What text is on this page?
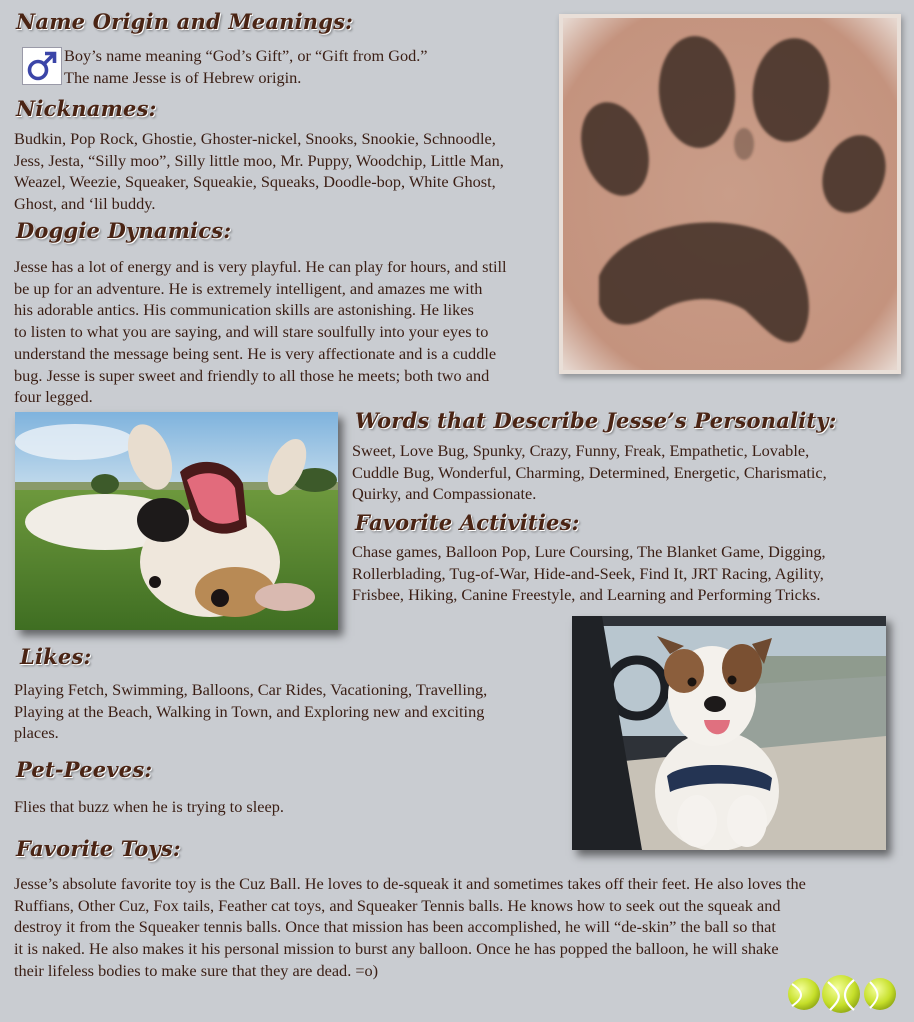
Name Origin and Meanings:
Boy’s name meaning “God’s Gift”, or “Gift from God.”
The name Jesse is of Hebrew origin.
Nicknames:
Budkin, Pop Rock, Ghostie, Ghoster-nickel, Snooks, Snookie, Schnoodle,
Jess, Jesta, “Silly moo”, Silly little moo, Mr. Puppy, Woodchip, Little Man,
Weazel, Weezie, Squeaker, Squeakie, Squeaks, Doodle-bop, White Ghost,
Ghost, and ‘lil buddy.
Doggie Dynamics:
Jesse has a lot of energy and is very playful. He can play for hours, and still
be up for an adventure. He is extremely intelligent, and amazes me with
his adorable antics. His communication skills are astonishing. He likes
to listen to what you are saying, and will stare soulfully into your eyes to
understand the message being sent. He is very affectionate and is a cuddle
bug. Jesse is super sweet and friendly to all those he meets; both two and
four legged.
Words that Describe Jesse’s Personality:
Sweet, Love Bug, Spunky, Crazy, Funny, Freak, Empathetic, Lovable,
Cuddle Bug, Wonderful, Charming, Determined, Energetic, Charismatic,
Quirky, and Compassionate.
Favorite Activities:
Chase games, Balloon Pop, Lure Coursing, The Blanket Game, Digging,
Rollerblading, Tug-of-War, Hide-and-Seek, Find It, JRT Racing, Agility,
Frisbee, Hiking, Canine Freestyle, and Learning and Performing Tricks.
Likes:
Playing Fetch, Swimming, Balloons, Car Rides, Vacationing, Travelling,
Playing at the Beach, Walking in Town, and Exploring new and exciting
places.
Pet-Peeves:
Flies that buzz when he is trying to sleep.
Favorite Toys:
Jesse’s absolute favorite toy is the Cuz Ball. He loves to de-squeak it and sometimes takes off their feet. He also loves the
Ruffians, Other Cuz, Fox tails, Feather cat toys, and Squeaker Tennis balls. He knows how to seek out the squeak and
destroy it from the Squeaker tennis balls. Once that mission has been accomplished, he will “de-skin” the ball so that
it is naked. He also makes it his personal mission to burst any balloon. Once he has popped the balloon, he will shake
their lifeless bodies to make sure that they are dead. =o)
